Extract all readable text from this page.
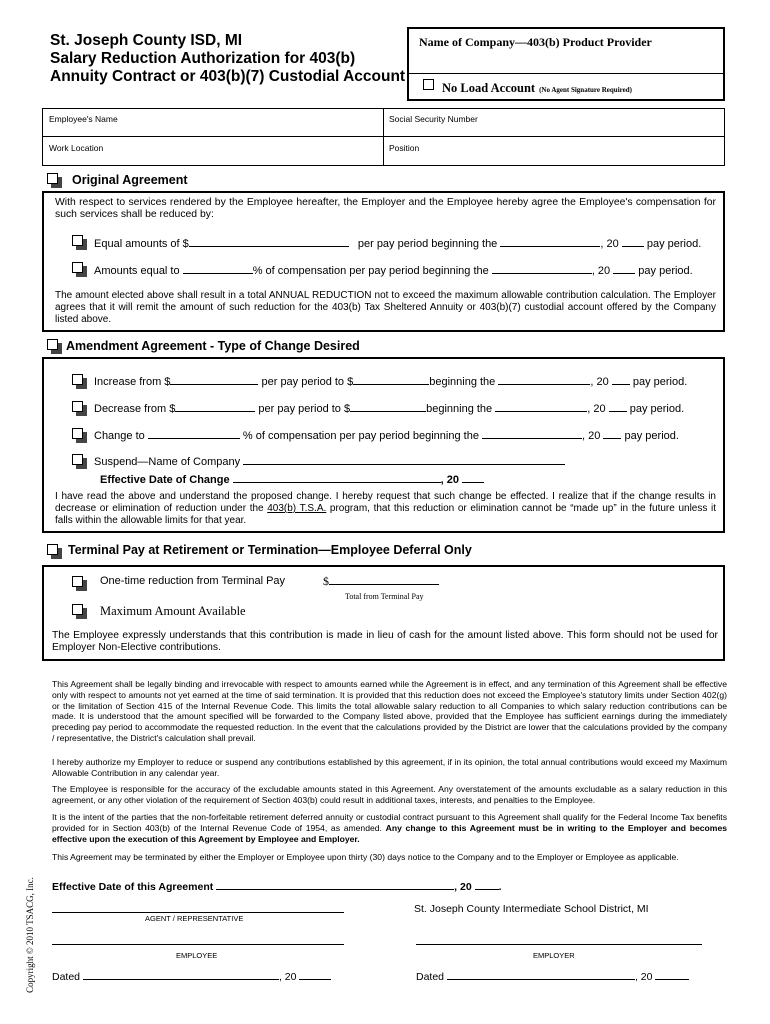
St. Joseph County ISD, MI
Salary Reduction Authorization for 403(b)
Annuity Contract or 403(b)(7) Custodial Account
Name of Company—403(b) Product Provider
No Load Account (No Agent Signature Required)
Employee's Name	Social Security Number
Work Location	Position
Original Agreement
With respect to services rendered by the Employee hereafter, the Employer and the Employee hereby agree the Employee's compensation for such services shall be reduced by:
Equal amounts of $	per pay period beginning the	, 20	pay period.
Amounts equal to	% of compensation per pay period beginning the	, 20	pay period.
The amount elected above shall result in a total ANNUAL REDUCTION not to exceed the maximum allowable contribution calculation. The Employer agrees that it will remit the amount of such reduction for the 403(b) Tax Sheltered Annuity or 403(b)(7) custodial account offered by the Company listed above.
Amendment Agreement - Type of Change Desired
Increase from $	per pay period to $	beginning the	, 20 pay period.
Decrease from $	per pay period to $	beginning the	, 20 pay period.
Change to	% of compensation per pay period beginning the	, 20 pay period.
Suspend—Name of Company
Effective Date of Change	, 20
I have read the above and understand the proposed change. I hereby request that such change be effected. I realize that if the change results in decrease or elimination of reduction under the 403(b) T.S.A. program, that this reduction or elimination cannot be “made up” in the future unless it falls within the allowable limits for that year.
Terminal Pay at Retirement or Termination—Employee Deferral Only
One-time reduction from Terminal Pay	$
Total from Terminal Pay
Maximum Amount Available
The Employee expressly understands that this contribution is made in lieu of cash for the amount listed above. This form should not be used for Employer Non-Elective contributions.
This Agreement shall be legally binding and irrevocable with respect to amounts earned while the Agreement is in effect, and any termination of this Agreement shall be effective only with respect to amounts not yet earned at the time of said termination. It is provided that this reduction does not exceed the Employee's statutory limits under Section 402(g) or the limitation of Section 415 of the Internal Revenue Code. This limits the total allowable salary reduction to all Companies to which salary reduction contributions can be made. It is understood that the amount specified will be forwarded to the Company listed above, provided that the Employee has sufficient earnings during the immediately preceding pay period to accommodate the requested reduction. In the event that the calculations provided by the District are lower that the calculations provided by the company / representative, the District's calculation shall prevail.
I hereby authorize my Employer to reduce or suspend any contributions established by this agreement, if in its opinion, the total annual contributions would exceed my Maximum Allowable Contribution in any calendar year.
The Employee is responsible for the accuracy of the excludable amounts stated in this Agreement. Any overstatement of the amounts excludable as a salary reduction in this agreement, or any other violation of the requirement of Section 403(b) could result in additional taxes, interests, and penalties to the Employee.
It is the intent of the parties that the non-forfeitable retirement deferred annuity or custodial contract pursuant to this Agreement shall qualify for the Federal Income Tax benefits provided for in Section 403(b) of the Internal Revenue Code of 1954, as amended. Any change to this Agreement must be in writing to the Employer and becomes effective upon the execution of this Agreement by Employee and Employer.
This Agreement may be terminated by either the Employer or Employee upon thirty (30) days notice to the Company and to the Employer or Employee as applicable.
Effective Date of this Agreement	, 20	.
St. Joseph County Intermediate School District, MI
AGENT / REPRESENTATIVE
EMPLOYEE	EMPLOYER
Dated	, 20	Dated	, 20
Copyright © 2010 TSACG, Inc.
